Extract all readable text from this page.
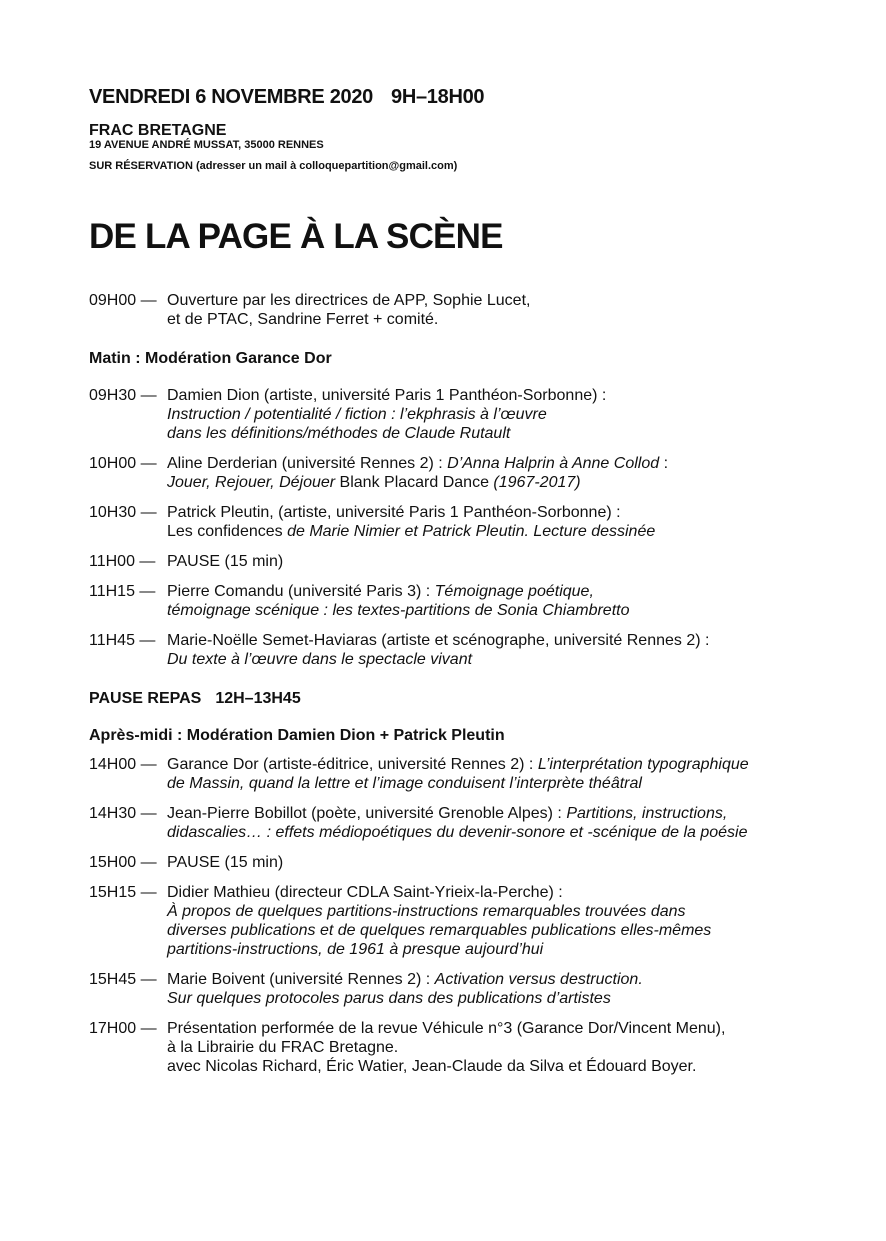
VENDREDI 6 NOVEMBRE 2020 9H–18H00
FRAC BRETAGNE
19 AVENUE ANDRÉ MUSSAT, 35000 RENNES
SUR RÉSERVATION (adresser un mail à colloquepartition@gmail.com)
DE LA PAGE À LA SCÈNE
09H00 — Ouverture par les directrices de APP, Sophie Lucet,
et de PTAC, Sandrine Ferret + comité.
Matin : Modération Garance Dor
09H30 — Damien Dion (artiste, université Paris 1 Panthéon-Sorbonne) :
Instruction / potentialité / fiction : l’ekphrasis à l’œuvre
dans les définitions/méthodes de Claude Rutault
10H00 — Aline Derderian (université Rennes 2) : D’Anna Halprin à Anne Collod :
Jouer, Rejouer, Déjouer Blank Placard Dance (1967-2017)
10H30 — Patrick Pleutin, (artiste, université Paris 1 Panthéon-Sorbonne) :
Les confidences de Marie Nimier et Patrick Pleutin. Lecture dessinée
11H00 — PAUSE (15 min)
11H15 — Pierre Comandu (université Paris 3) : Témoignage poétique,
témoignage scénique : les textes-partitions de Sonia Chiambretto
11H45 — Marie-Noëlle Semet-Haviaras (artiste et scénographe, université Rennes 2) :
Du texte à l’œuvre dans le spectacle vivant
PAUSE REPAS 12H–13H45
Après-midi : Modération Damien Dion + Patrick Pleutin
14H00 — Garance Dor (artiste-éditrice, université Rennes 2) : L’interprétation typographique
de Massin, quand la lettre et l’image conduisent l’interprète théâtral
14H30 — Jean-Pierre Bobillot (poète, université Grenoble Alpes) : Partitions, instructions,
didascalies… : effets médiopoétiques du devenir-sonore et -scénique de la poésie
15H00 — PAUSE (15 min)
15H15 — Didier Mathieu (directeur CDLA Saint-Yrieix-la-Perche) :
À propos de quelques partitions-instructions remarquables trouvées dans
diverses publications et de quelques remarquables publications elles-mêmes
partitions-instructions, de 1961 à presque aujourd’hui
15H45 — Marie Boivent (université Rennes 2) : Activation versus destruction.
Sur quelques protocoles parus dans des publications d’artistes
17H00 — Présentation performée de la revue Véhicule n°3 (Garance Dor/Vincent Menu),
à la Librairie du FRAC Bretagne.
avec Nicolas Richard, Éric Watier, Jean-Claude da Silva et Édouard Boyer.
